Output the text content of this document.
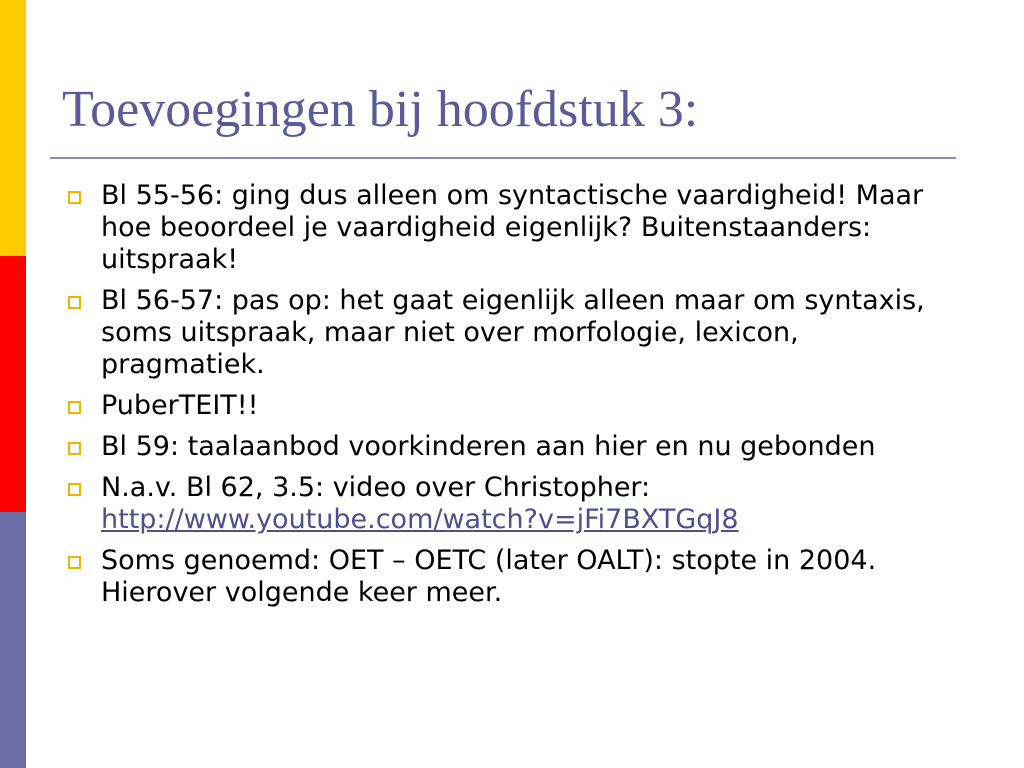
Toevoegingen bij hoofdstuk 3:
Bl 55-56: ging dus alleen om syntactische vaardigheid! Maar hoe beoordeel je vaardigheid eigenlijk? Buitenstaanders: uitspraak!
Bl 56-57: pas op: het gaat eigenlijk alleen maar om syntaxis, soms uitspraak, maar niet over morfologie, lexicon, pragmatiek.
PuberTEIT!!
Bl 59: taalaanbod voorkinderen aan hier en nu gebonden
N.a.v. Bl 62, 3.5: video over Christopher:
http://www.youtube.com/watch?v=jFi7BXTGqJ8
Soms genoemd: OET – OETC (later OALT): stopte in 2004. Hierover volgende keer meer.
